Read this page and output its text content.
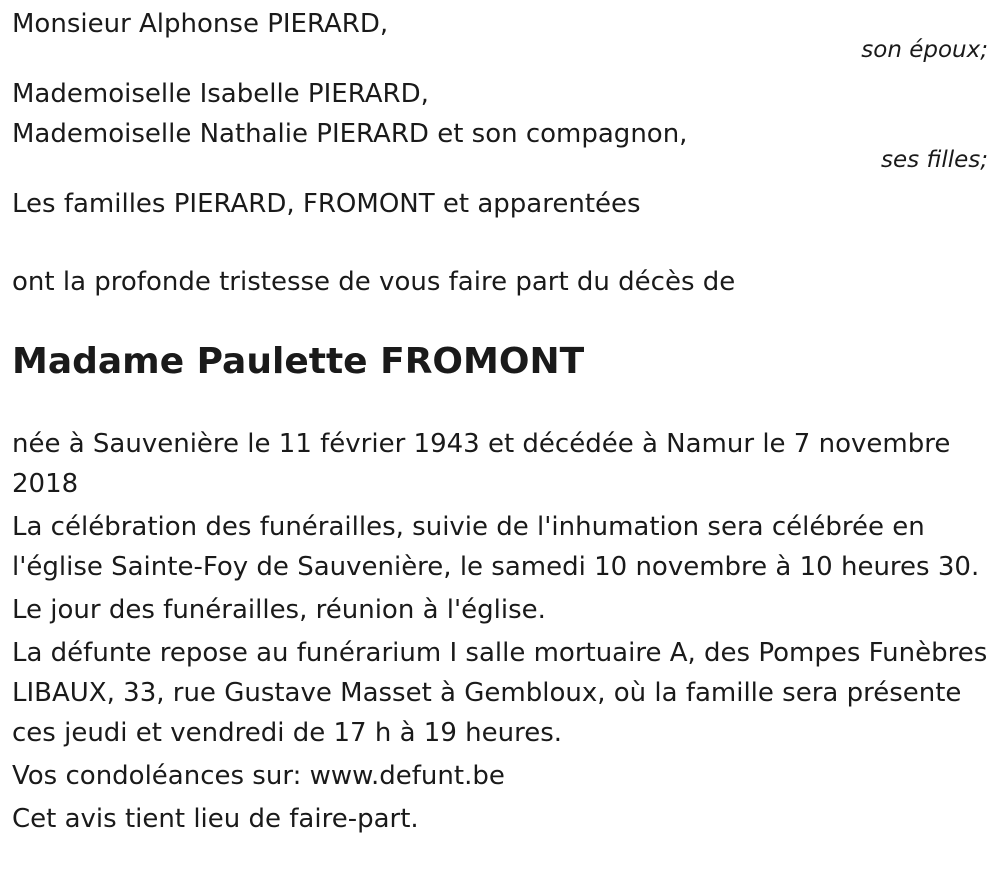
Monsieur Alphonse PIERARD,
son époux;
Mademoiselle Isabelle PIERARD,
Mademoiselle Nathalie PIERARD et son compagnon,
ses filles;
Les familles PIERARD, FROMONT et apparentées
ont la profonde tristesse de vous faire part du décès de
Madame Paulette FROMONT
née à Sauvenière le 11 février 1943 et décédée à Namur le 7 novembre 2018
La célébration des funérailles, suivie de l'inhumation sera célébrée en l'église Sainte-Foy de Sauvenière, le samedi 10 novembre à 10 heures 30.
Le jour des funérailles, réunion à l'église.
La défunte repose au funérarium I salle mortuaire A, des Pompes Funèbres LIBAUX, 33, rue Gustave Masset à Gembloux, où la famille sera présente ces jeudi et vendredi de 17 h à 19 heures.
Vos condoléances sur: www.defunt.be
Cet avis tient lieu de faire-part.
